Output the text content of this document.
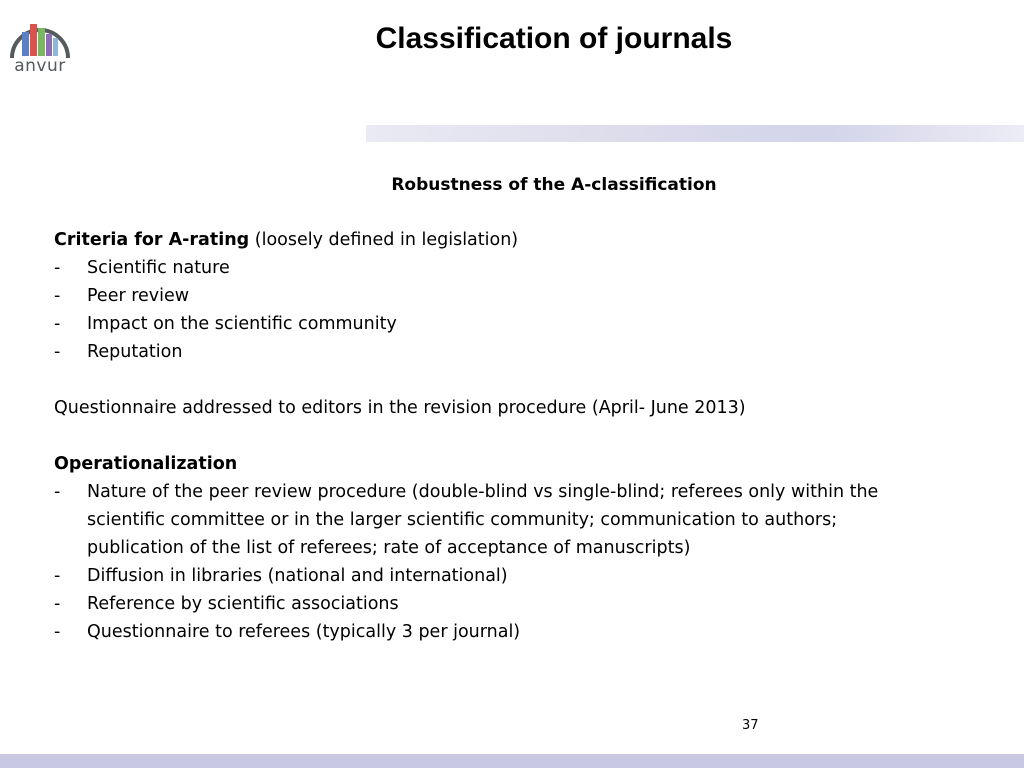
anvur
Classification of journals
Robustness of the A-classification
Criteria for A-rating (loosely defined in legislation)
- Scientific nature
- Peer review
- Impact on the scientific community
- Reputation
Questionnaire addressed to editors in the revision procedure (April- June 2013)
Operationalization
- Nature of the peer review procedure (double-blind vs single-blind; referees only within the
scientific committee or in the larger scientific community; communication to authors;
publication of the list of referees; rate of acceptance of manuscripts)
- Diffusion in libraries (national and international)
- Reference by scientific associations
- Questionnaire to referees (typically 3 per journal)
37
